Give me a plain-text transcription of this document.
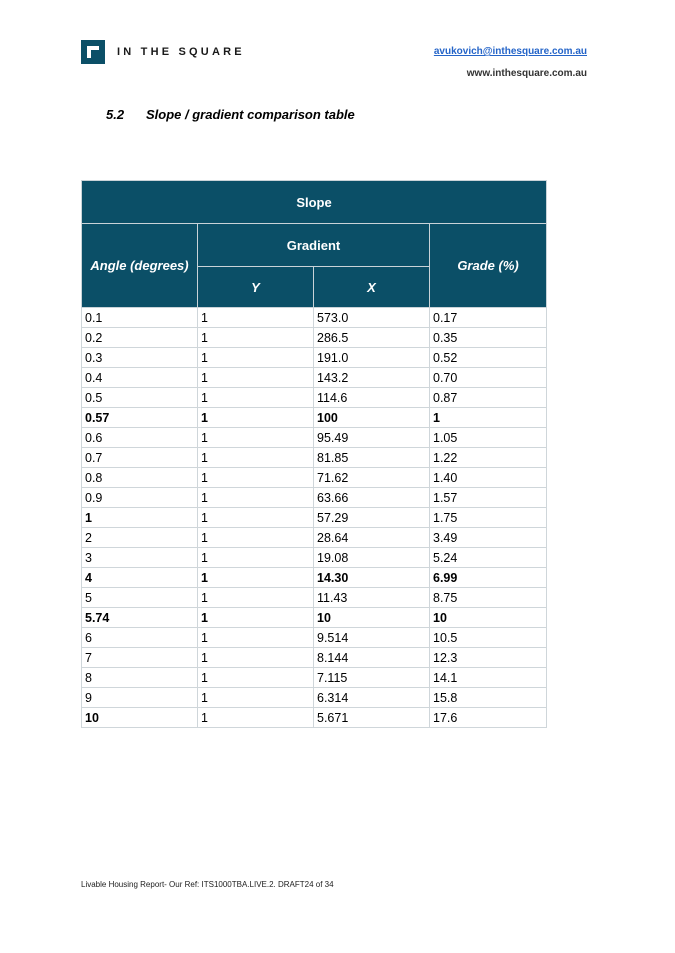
IN THE SQUARE	avukovich@inthesquare.com.au
www.inthesquare.com.au
5.2 Slope / gradient comparison table
Slope			
Angle (degrees)	Gradient		Grade (%)
	Y	X	
0.1	1	573.0	0.17
0.2	1	286.5	0.35
0.3	1	191.0	0.52
0.4	1	143.2	0.70
0.5	1	114.6	0.87
0.57	1	100	1
0.6	1	95.49	1.05
0.7	1	81.85	1.22
0.8	1	71.62	1.40
0.9	1	63.66	1.57
1	1	57.29	1.75
2	1	28.64	3.49
3	1	19.08	5.24
4	1	14.30	6.99
5	1	11.43	8.75
5.74	1	10	10
6	1	9.514	10.5
7	1	8.144	12.3
8	1	7.115	14.1
9	1	6.314	15.8
10	1	5.671	17.6
Livable Housing Report- Our Ref: ITS1000TBA.LIVE.2. DRAFT24 of 34
